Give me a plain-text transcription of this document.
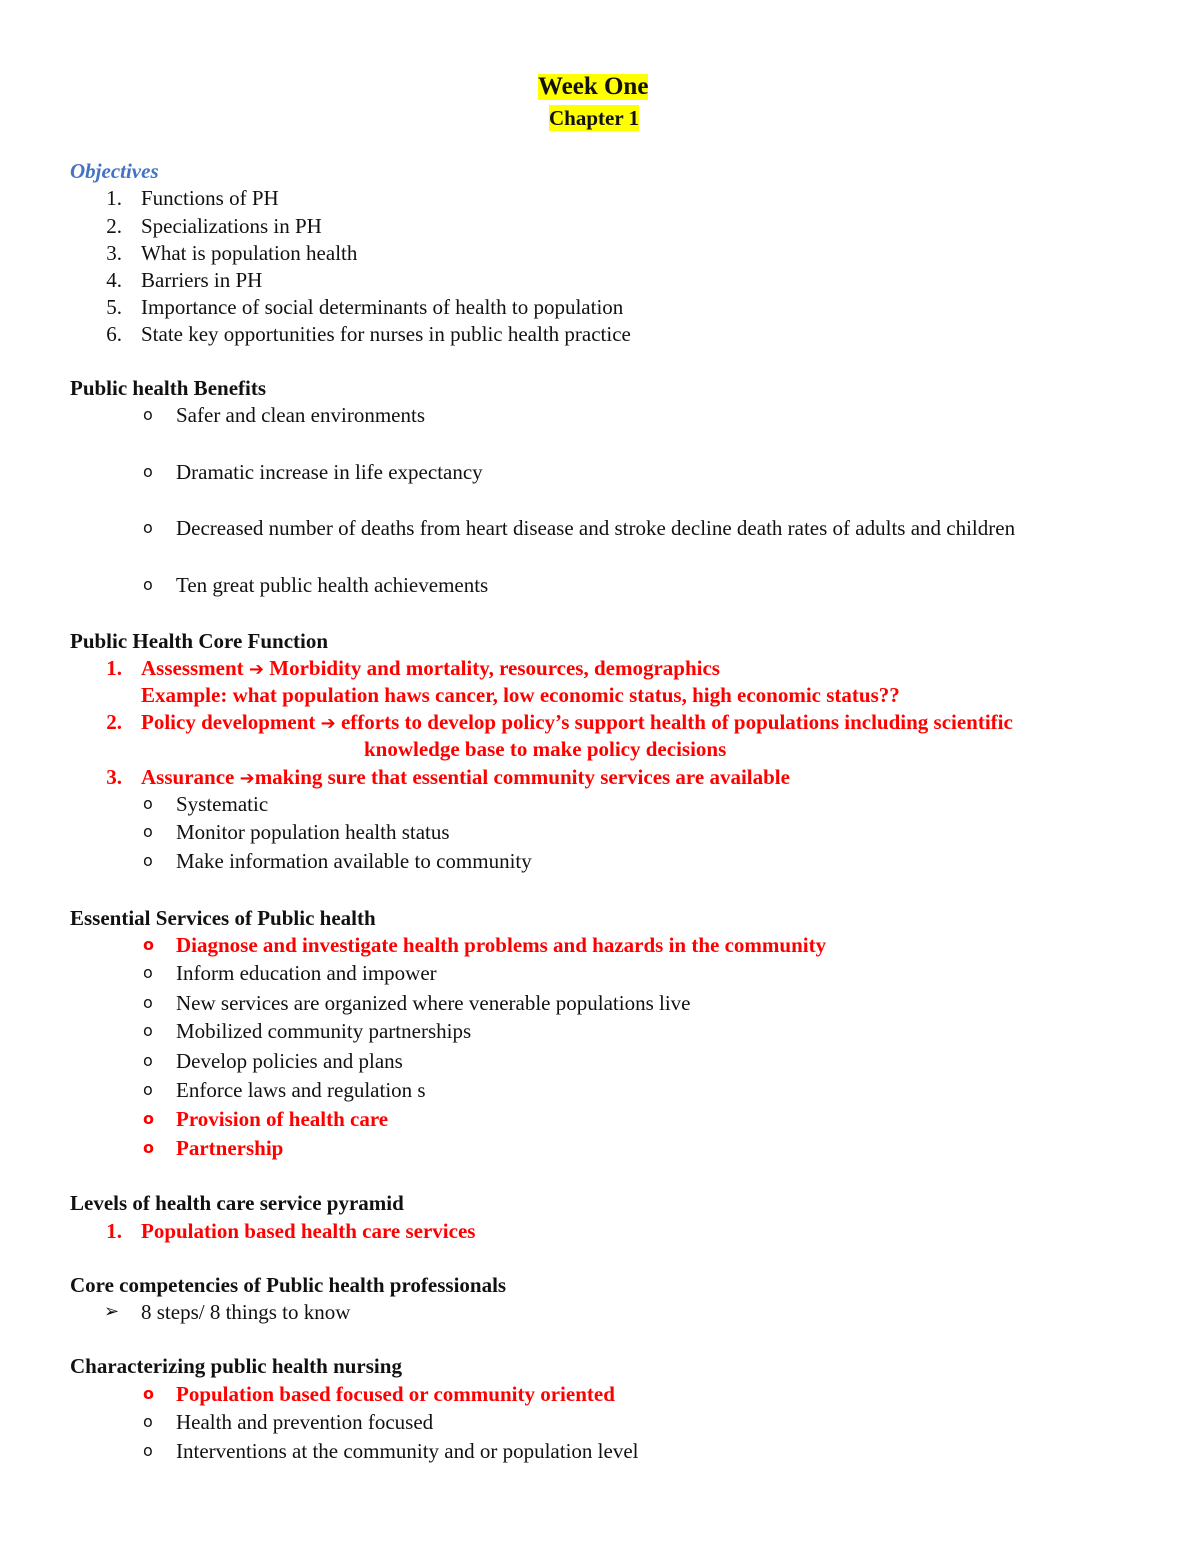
Week One
Chapter 1
Objectives
1. Functions of PH
2. Specializations in PH
3. What is population health
4. Barriers in PH
5. Importance of social determinants of health to population
6. State key opportunities for nurses in public health practice
Public health Benefits
o Safer and clean environments
o Dramatic increase in life expectancy
o Decreased number of deaths from heart disease and stroke decline death rates of adults and children
o Ten great public health achievements
Public Health Core Function
1. Assessment ➔ Morbidity and mortality, resources, demographics
Example: what population haws cancer, low economic status, high economic status??
2. Policy development ➔ efforts to develop policy’s support health of populations including scientific
knowledge base to make policy decisions
3. Assurance ➔making sure that essential community services are available
o Systematic
o Monitor population health status
o Make information available to community
Essential Services of Public health
o Diagnose and investigate health problems and hazards in the community
o Inform education and impower
o New services are organized where venerable populations live
o Mobilized community partnerships
o Develop policies and plans
o Enforce laws and regulation s
o Provision of health care
o Partnership
Levels of health care service pyramid
1. Population based health care services
Core competencies of Public health professionals
➢ 8 steps/ 8 things to know
Characterizing public health nursing
o Population based focused or community oriented
o Health and prevention focused
o Interventions at the community and or population level
